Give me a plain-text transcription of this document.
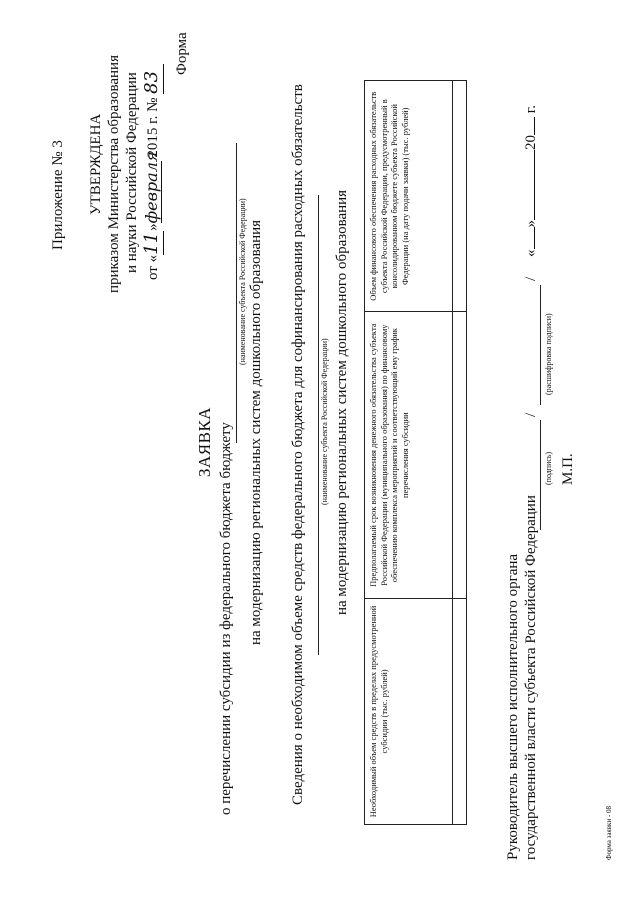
Приложение № 3 УТВЕРЖДЕНА приказом Министерства образования и науки Российской Федерации от «11»февраля 2015 г. № 83
Форма
ЗАЯВКА о перечислении субсидии из федерального бюджета бюджету
(наименование субъекта Российской Федерации) на модернизацию региональных систем дошкольного образования Сведения о необходимом объеме средств федерального бюджета для софинансирования расходных обязательств (наименование субъекта Российской Федерации) на модернизацию региональных систем дошкольного образования
Необходимый объем средств в пределах предусмотренной субсидии (тыс. рублей)	Предполагаемый срок возникновения денежного обязательства субъекта Российской Федерации (муниципального образования) по финансовому обеспечению комплекса мероприятий и соответствующий ему график перечисления субсидии	Объем финансового обеспечения расходных обязательств субъекта Российской Федерации, предусмотренный в консолидированном бюджете субъекта Российской Федерации (на дату подачи заявки) (тыс. рублей)

Руководитель высшего исполнительного органа государственной власти субъекта Российской Федерации
/
/
(подпись)
(расшифровка подписи)
«»20 г.
М.П.
Форма заявки - 08
